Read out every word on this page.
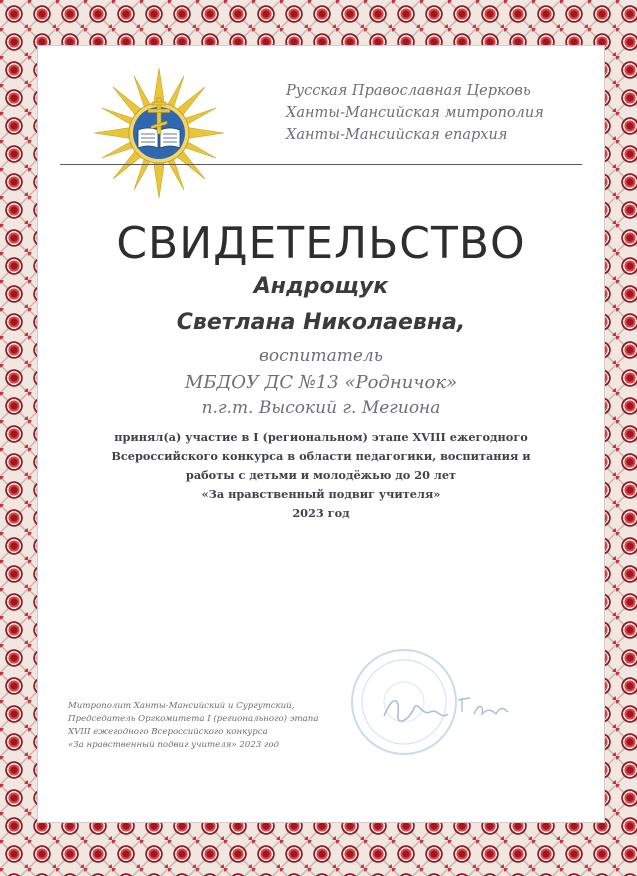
Русская Православная Церковь
Ханты-Мансийская митрополия
Ханты-Мансийская епархия
СВИДЕТЕЛЬСТВО
Андрощук
Светлана Николаевна,
воспитатель
МБДОУ ДС №13 «Родничок»
п.г.т. Высокий г. Мегиона
принял(а) участие в I (региональном) этапе XVIII ежегодного
Всероссийского конкурса в области педагогики, воспитания и
работы с детьми и молодёжью до 20 лет
«За нравственный подвиг учителя»
2023 год
Митрополит Ханты-Мансийский и Сургутский,
Председатель Оргкомитета I (регионального) этапа
XVIII ежегодного Всероссийского конкурса
«За нравственный подвиг учителя» 2023 год
